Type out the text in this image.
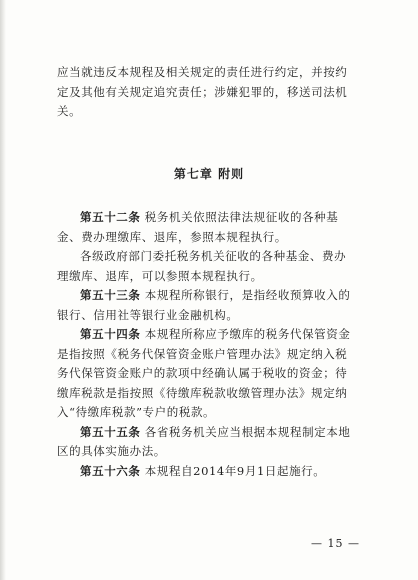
应当就违反本规程及相关规定的责任进行约定，并按约定及其他有关规定追究责任；涉嫌犯罪的，移送司法机关。

第七章 附则

第五十二条 税务机关依照法律法规征收的各种基金、费办理缴库、退库，参照本规程执行。

各级政府部门委托税务机关征收的各种基金、费办理缴库、退库，可以参照本规程执行。

第五十三条 本规程所称银行，是指经收预算收入的银行、信用社等银行业金融机构。

第五十四条 本规程所称应予缴库的税务代保管资金是指按照《税务代保管资金账户管理办法》规定纳入税务代保管资金账户的款项中经确认属于税收的资金；待缴库税款是指按照《待缴库税款收缴管理办法》规定纳入“待缴库税款”专户的税款。

第五十五条 各省税务机关应当根据本规程制定本地区的具体实施办法。

第五十六条 本规程自2014年9月1日起施行。

— 15 —
